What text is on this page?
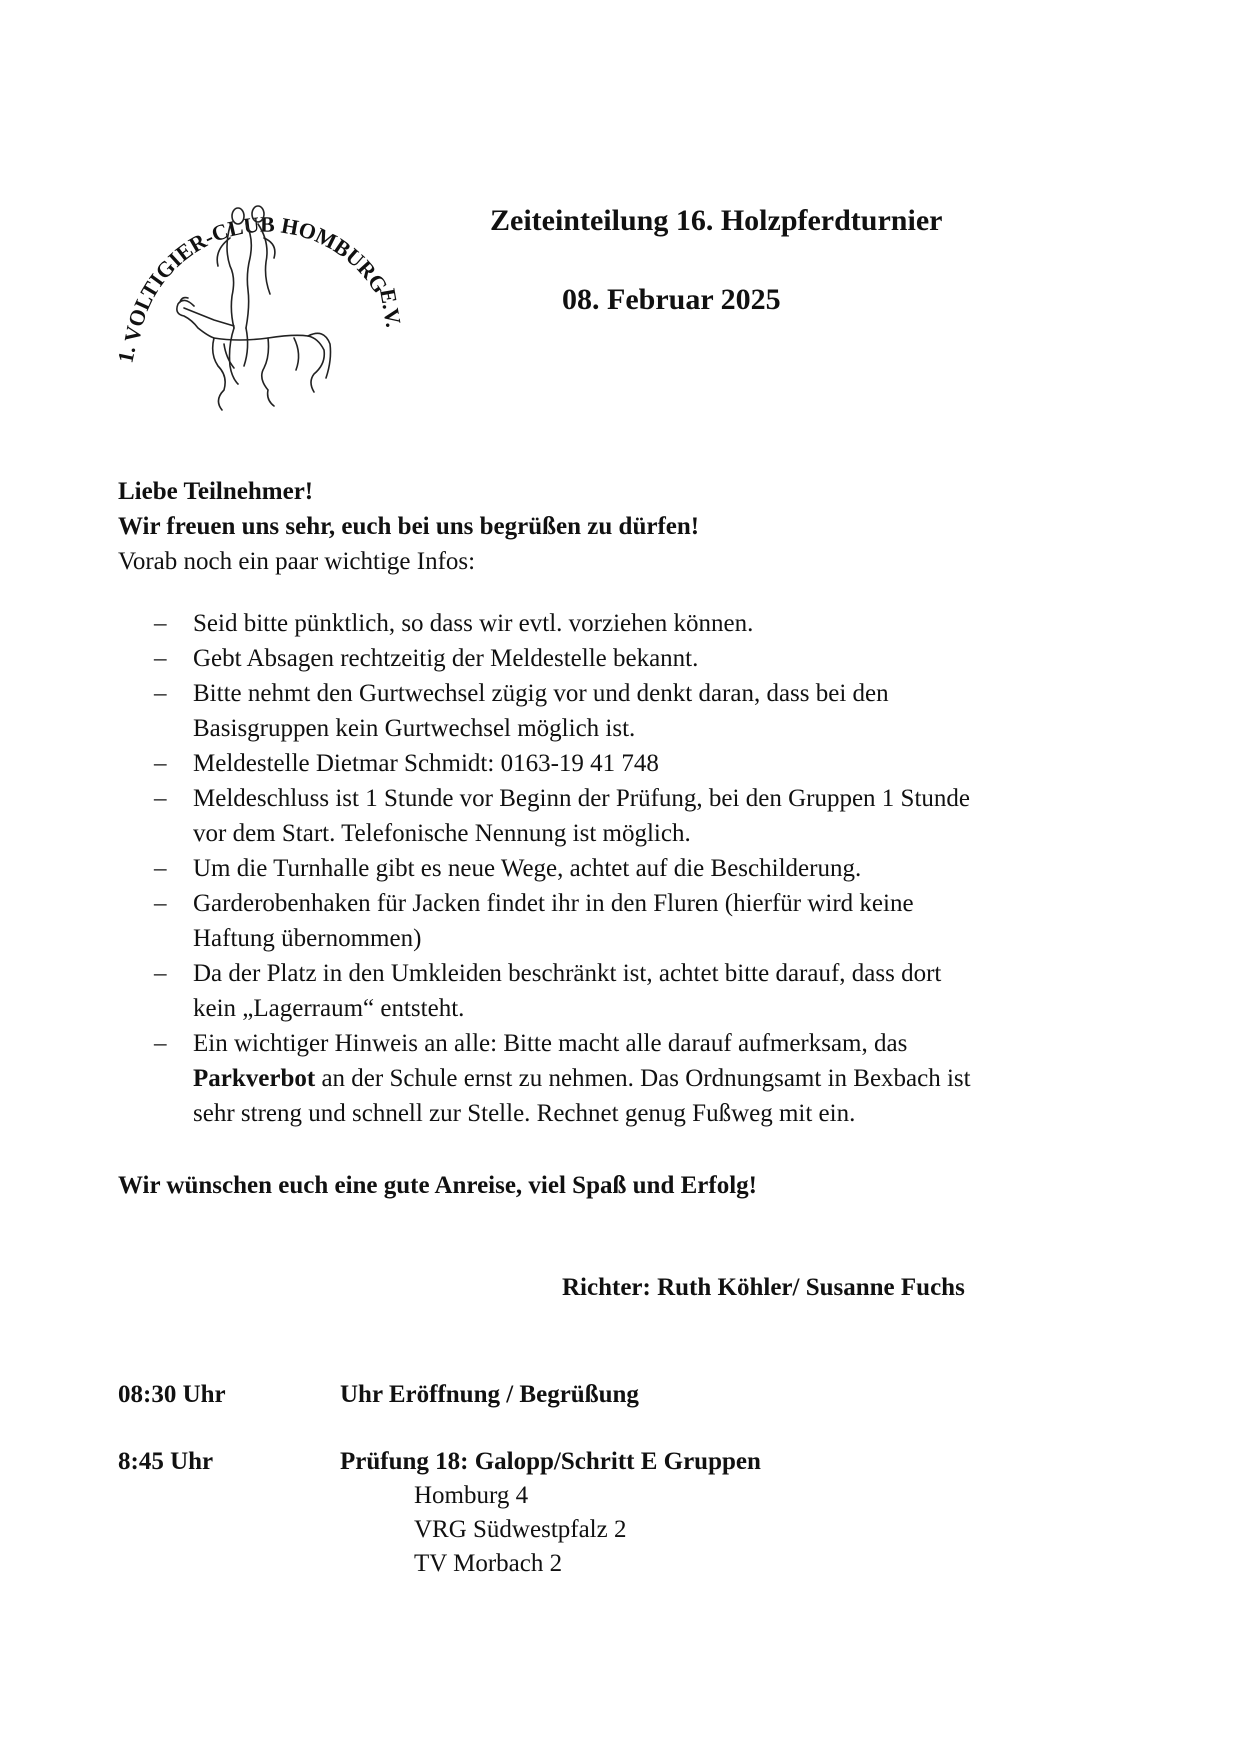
VOLTIGIER-CLUB HOMBURG
1.
E.V.
Zeiteinteilung 16. Holzpferdturnier
08. Februar 2025
Liebe Teilnehmer!
Wir freuen uns sehr, euch bei uns begrüßen zu dürfen!
Vorab noch ein paar wichtige Infos:
– Seid bitte pünktlich, so dass wir evtl. vorziehen können.
– Gebt Absagen rechtzeitig der Meldestelle bekannt.
– Bitte nehmt den Gurtwechsel zügig vor und denkt daran, dass bei den
Basisgruppen kein Gurtwechsel möglich ist.
– Meldestelle Dietmar Schmidt: 0163-19 41 748
– Meldeschluss ist 1 Stunde vor Beginn der Prüfung, bei den Gruppen 1 Stunde
vor dem Start. Telefonische Nennung ist möglich.
– Um die Turnhalle gibt es neue Wege, achtet auf die Beschilderung.
– Garderobenhaken für Jacken findet ihr in den Fluren (hierfür wird keine
Haftung übernommen)
– Da der Platz in den Umkleiden beschränkt ist, achtet bitte darauf, dass dort
kein „Lagerraum“ entsteht.
– Ein wichtiger Hinweis an alle: Bitte macht alle darauf aufmerksam, das
Parkverbot an der Schule ernst zu nehmen. Das Ordnungsamt in Bexbach ist
sehr streng und schnell zur Stelle. Rechnet genug Fußweg mit ein.
Wir wünschen euch eine gute Anreise, viel Spaß und Erfolg!
Richter: Ruth Köhler/ Susanne Fuchs
08:30 Uhr	Uhr Eröffnung / Begrüßung
8:45 Uhr	Prüfung 18: Galopp/Schritt E Gruppen
Homburg 4
VRG Südwestpfalz 2
TV Morbach 2
